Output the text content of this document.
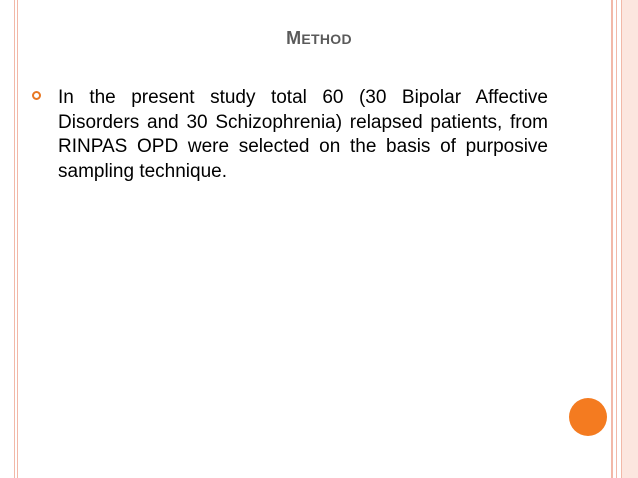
METHOD
In the present study total 60 (30 Bipolar Affective Disorders and 30 Schizophrenia) relapsed patients, from RINPAS OPD were selected on the basis of purposive sampling technique.
